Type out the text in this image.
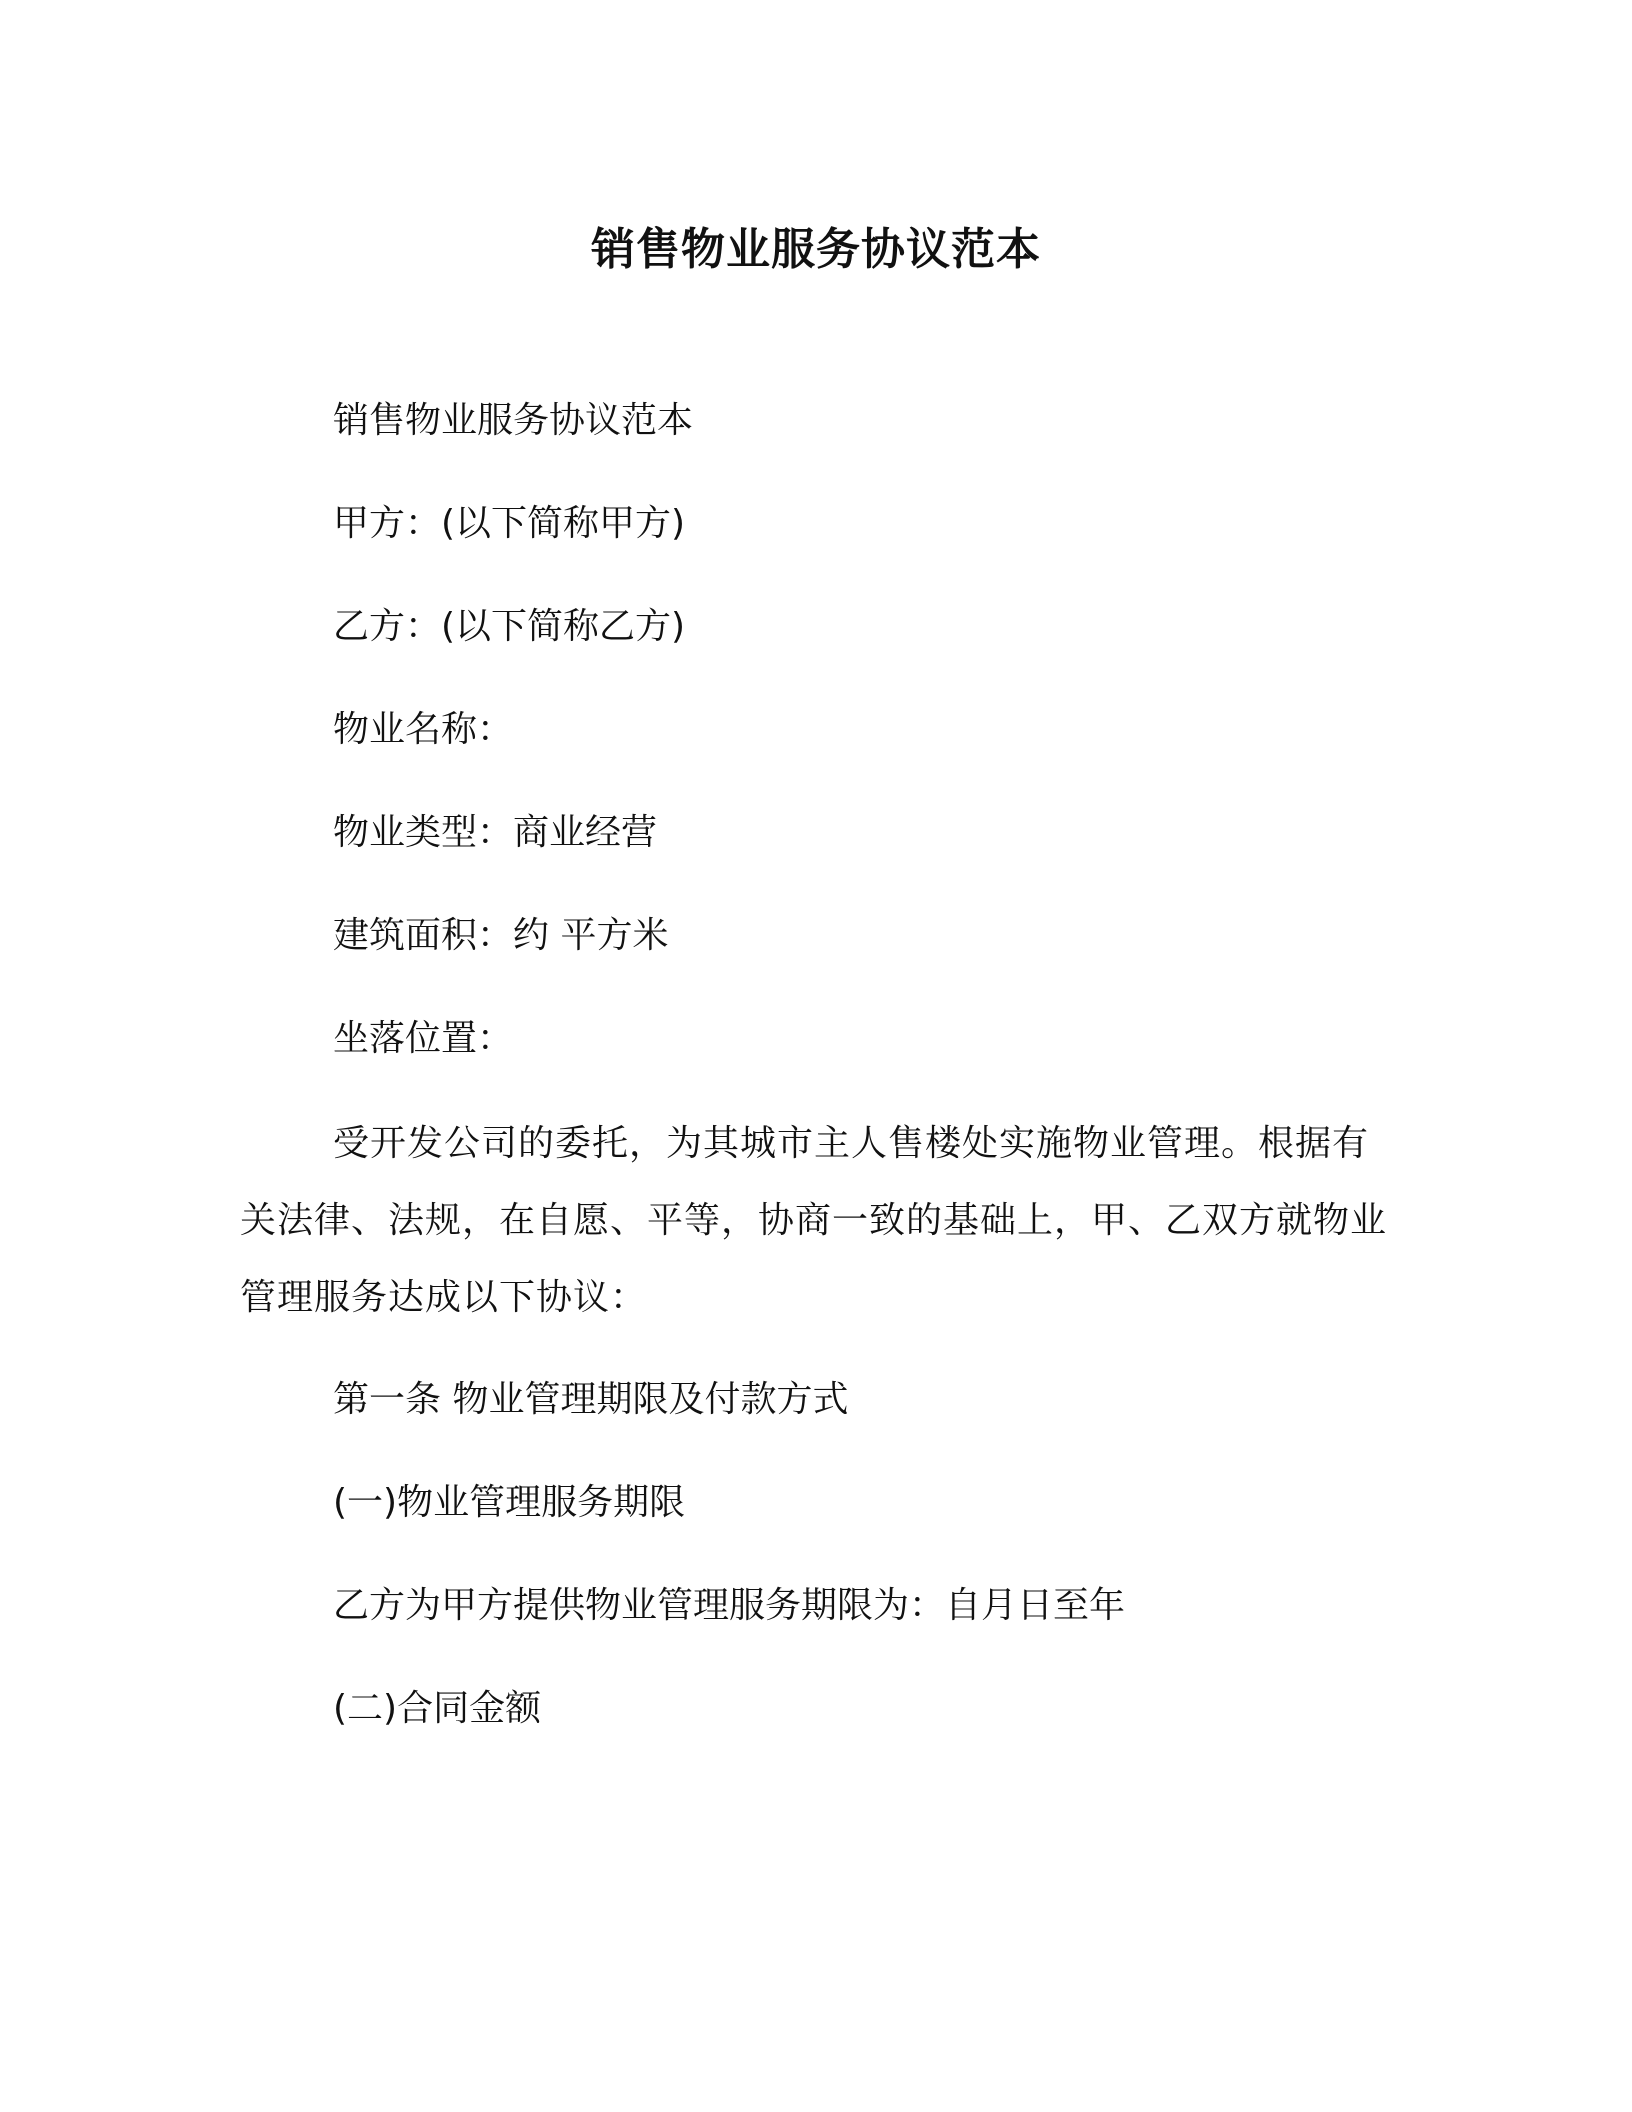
销售物业服务协议范本
销售物业服务协议范本
甲方：(以下简称甲方)
乙方：(以下简称乙方)
物业名称：
物业类型：商业经营
建筑面积：约 平方米
坐落位置：
受开发公司的委托，为其城市主人售楼处实施物业管理。根据有关法律、法规，在自愿、平等，协商一致的基础上，甲、乙双方就物业管理服务达成以下协议：
第一条 物业管理期限及付款方式
(一)物业管理服务期限
乙方为甲方提供物业管理服务期限为：自月日至年
(二)合同金额
